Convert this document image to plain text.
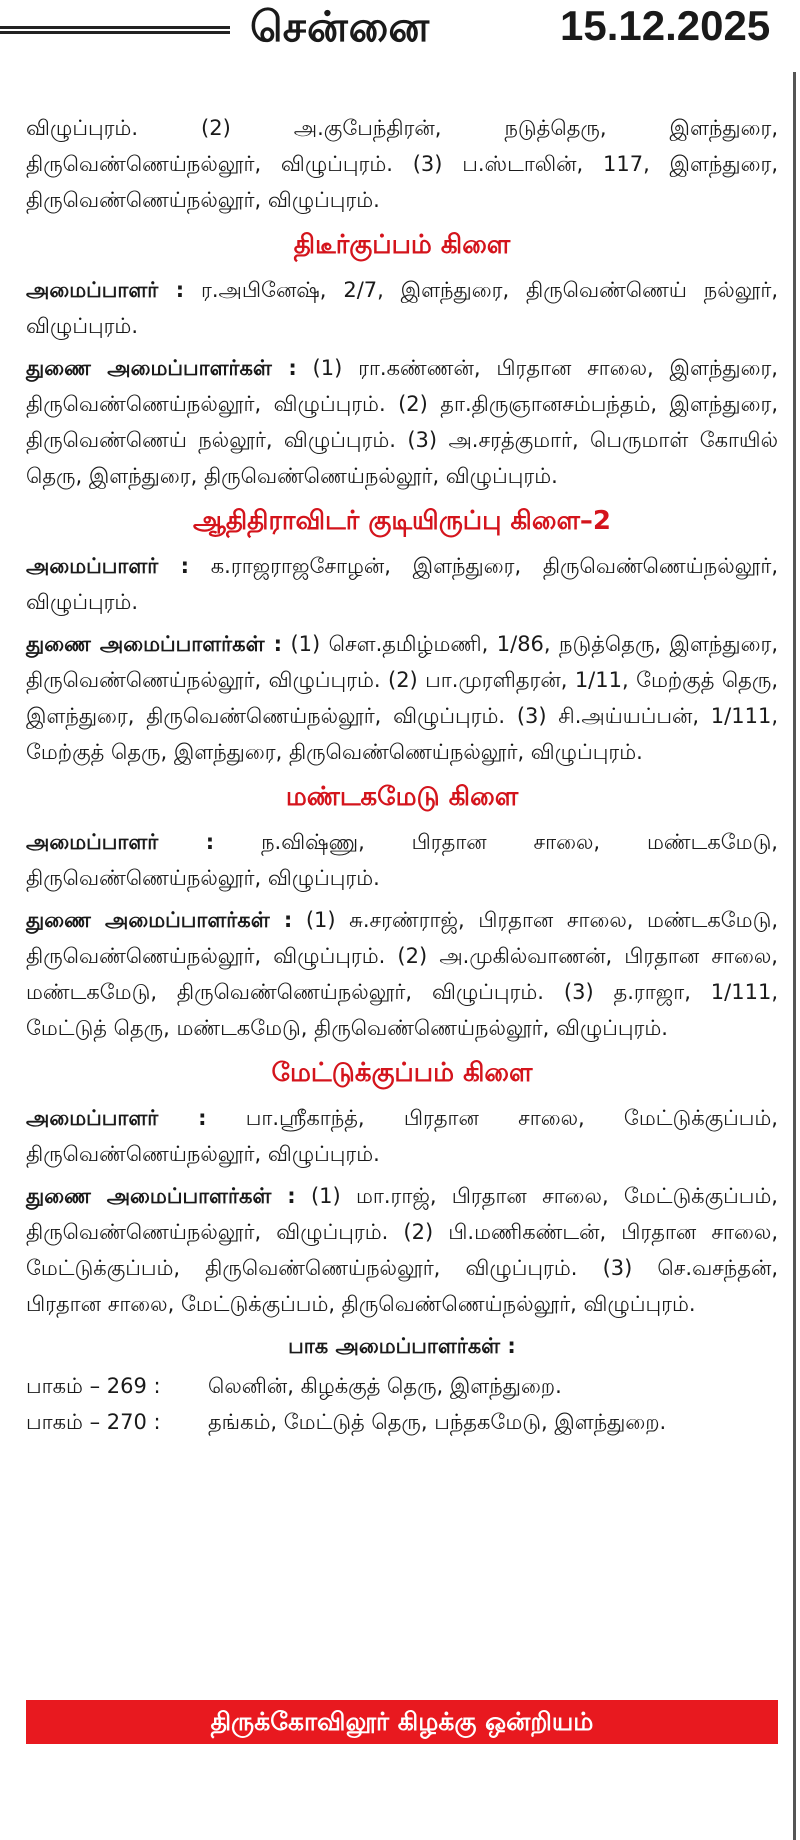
சென்னை	15.12.2025

விழுப்புரம். (2) அ.குபேந்திரன், நடுத்தெரு, இளந்துரை, திருவெண்ணெய்நல்லூர், விழுப்புரம். (3) ப.ஸ்டாலின், 117, இளந்துரை, திருவெண்ணெய்நல்லூர், விழுப்புரம்.

திடீர்குப்பம் கிளை

அமைப்பாளர் : ர.அபினேஷ், 2/7, இளந்துரை, திருவெண்ணெய் நல்லூர், விழுப்புரம்.

துணை அமைப்பாளர்கள் : (1) ரா.கண்ணன், பிரதான சாலை, இளந்துரை, திருவெண்ணெய்நல்லூர், விழுப்புரம். (2) தா.திருஞானசம்பந்தம், இளந்துரை, திருவெண்ணெய் நல்லூர், விழுப்புரம். (3) அ.சரத்குமார், பெருமாள் கோயில் தெரு, இளந்துரை, திருவெண்ணெய்நல்லூர், விழுப்புரம்.

ஆதிதிராவிடர் குடியிருப்பு கிளை–2

அமைப்பாளர் : க.ராஜராஜசோழன், இளந்துரை, திருவெண்ணெய்நல்லூர், விழுப்புரம்.

துணை அமைப்பாளர்கள் : (1) சௌ.தமிழ்மணி, 1/86, நடுத்தெரு, இளந்துரை, திருவெண்ணெய்நல்லூர், விழுப்புரம். (2) பா.முரளிதரன், 1/11, மேற்குத் தெரு, இளந்துரை, திருவெண்ணெய்நல்லூர், விழுப்புரம். (3) சி.அய்யப்பன், 1/111, மேற்குத் தெரு, இளந்துரை, திருவெண்ணெய்நல்லூர், விழுப்புரம்.

மண்டகமேடு கிளை

அமைப்பாளர் : ந.விஷ்ணு, பிரதான சாலை, மண்டகமேடு, திருவெண்ணெய்நல்லூர், விழுப்புரம்.

துணை அமைப்பாளர்கள் : (1) சு.சரண்ராஜ், பிரதான சாலை, மண்டகமேடு, திருவெண்ணெய்நல்லூர், விழுப்புரம். (2) அ.முகில்வாணன், பிரதான சாலை, மண்டகமேடு, திருவெண்ணெய்நல்லூர், விழுப்புரம். (3) த.ராஜா, 1/111, மேட்டுத் தெரு, மண்டகமேடு, திருவெண்ணெய்நல்லூர், விழுப்புரம்.

மேட்டுக்குப்பம் கிளை

அமைப்பாளர் : பா.ஸ்ரீகாந்த், பிரதான சாலை, மேட்டுக்குப்பம், திருவெண்ணெய்நல்லூர், விழுப்புரம்.

துணை அமைப்பாளர்கள் : (1) மா.ராஜ், பிரதான சாலை, மேட்டுக்குப்பம், திருவெண்ணெய்நல்லூர், விழுப்புரம். (2) பி.மணிகண்டன், பிரதான சாலை, மேட்டுக்குப்பம், திருவெண்ணெய்நல்லூர், விழுப்புரம். (3) செ.வசந்தன், பிரதான சாலை, மேட்டுக்குப்பம், திருவெண்ணெய்நல்லூர், விழுப்புரம்.

பாக அமைப்பாளர்கள் :
பாகம் – 269 :	லெனின், கிழக்குத் தெரு, இளந்துறை.
பாகம் – 270 :	தங்கம், மேட்டுத் தெரு, பந்தகமேடு, இளந்துறை.
திருக்கோவிலூர் கிழக்கு ஒன்றியம்
